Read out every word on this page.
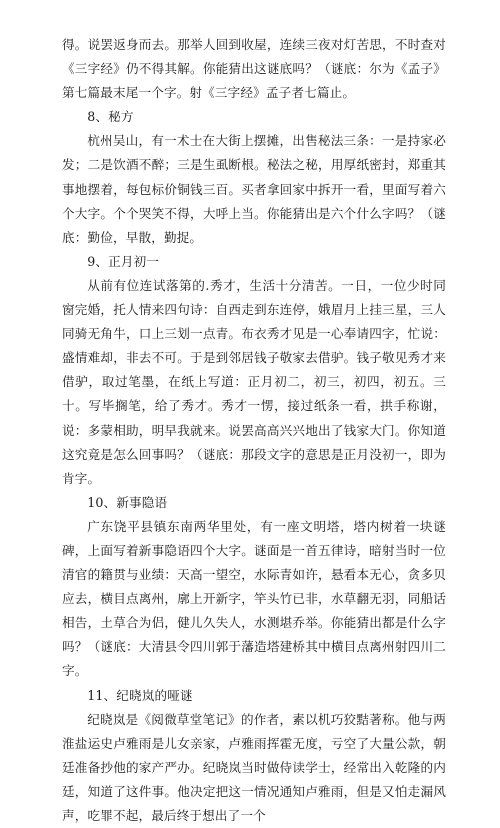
得。说罢返身而去。那举人回到收屋，连续三夜对灯苦思，不时查对《三字经》仍不得其解。你能猜出这谜底吗？（谜底：尔为《孟子》第七篇最末尾一个字。射《三字经》孟子者七篇止。

8、秘方

杭州吴山，有一术士在大街上摆摊，出售秘法三条：一是持家必发；二是饮酒不醉；三是生虱断根。秘法之秘，用厚纸密封，郑重其事地摆着，每包标价铜钱三百。买者拿回家中拆开一看，里面写着六个大字。个个哭笑不得，大呼上当。你能猜出是六个什么字吗？（谜底：勤俭，早散，勤捉。

9、正月初一

从前有位连试落第的.秀才，生活十分清苦。一日，一位少时同窗完婚，托人情来四句诗：自西走到东连停，娥眉月上挂三星，三人同骑无角牛，口上三划一点青。布衣秀才见是一心奉请四字，忙说：盛情难却，非去不可。于是到邻居钱子敬家去借驴。钱子敬见秀才来借驴，取过笔墨，在纸上写道：正月初二，初三，初四，初五。三十。写毕搁笔，给了秀才。秀才一愣，接过纸条一看，拱手称谢，说：多蒙相助，明早我就来。说罢高高兴兴地出了钱家大门。你知道这究竟是怎么回事吗？（谜底：那段文字的意思是正月没初一，即为肯字。

10、新事隐语

广东饶平县镇东南两华里处，有一座文明塔，塔内树着一块谜碑，上面写着新事隐语四个大字。谜面是一首五律诗，暗射当时一位清官的籍贯与业绩：天高一望空，水际青如许，悬看本无心，贪多贝应去，横目点离州，廓上开新字，竿头竹已非，水草翻无羽，同船话相告，土草合为侣，健儿久失人，水测堪乔举。你能猜出都是什么字吗？（谜底：大清县令四川郭于藩造塔建桥其中横目点离州射四川二字。

11、纪晓岚的哑谜

纪晓岚是《阅微草堂笔记》的作者，素以机巧狡黠著称。他与两淮盐运史卢雅雨是儿女亲家，卢雅雨挥霍无度，亏空了大量公款，朝廷准备抄他的家产严办。纪晓岚当时做侍读学士，经常出入乾隆的内廷，知道了这件事。他决定把这一情况通知卢雅雨，但是又怕走漏风声，吃罪不起，最后终于想出了一个
